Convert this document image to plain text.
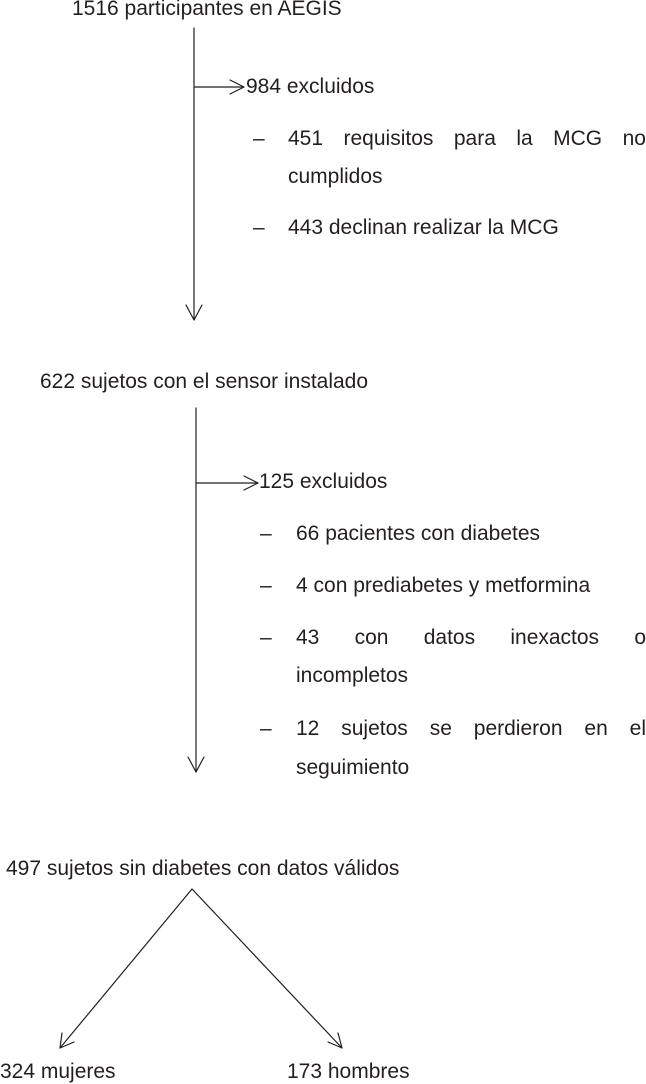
1516 participantes en AEGIS
622 sujetos con el sensor instalado
497 sujetos sin diabetes con datos válidos
984 excluidos
– 451 requisitos para la MCG no
cumplidos
– 443 declinan realizar la MCG
125 excluidos
– 66 pacientes con diabetes
– 4 con prediabetes y metformina
– 43 con datos inexactos o
incompletos
– 12 sujetos se perdieron en el
seguimiento
324 mujeres	173 hombres
